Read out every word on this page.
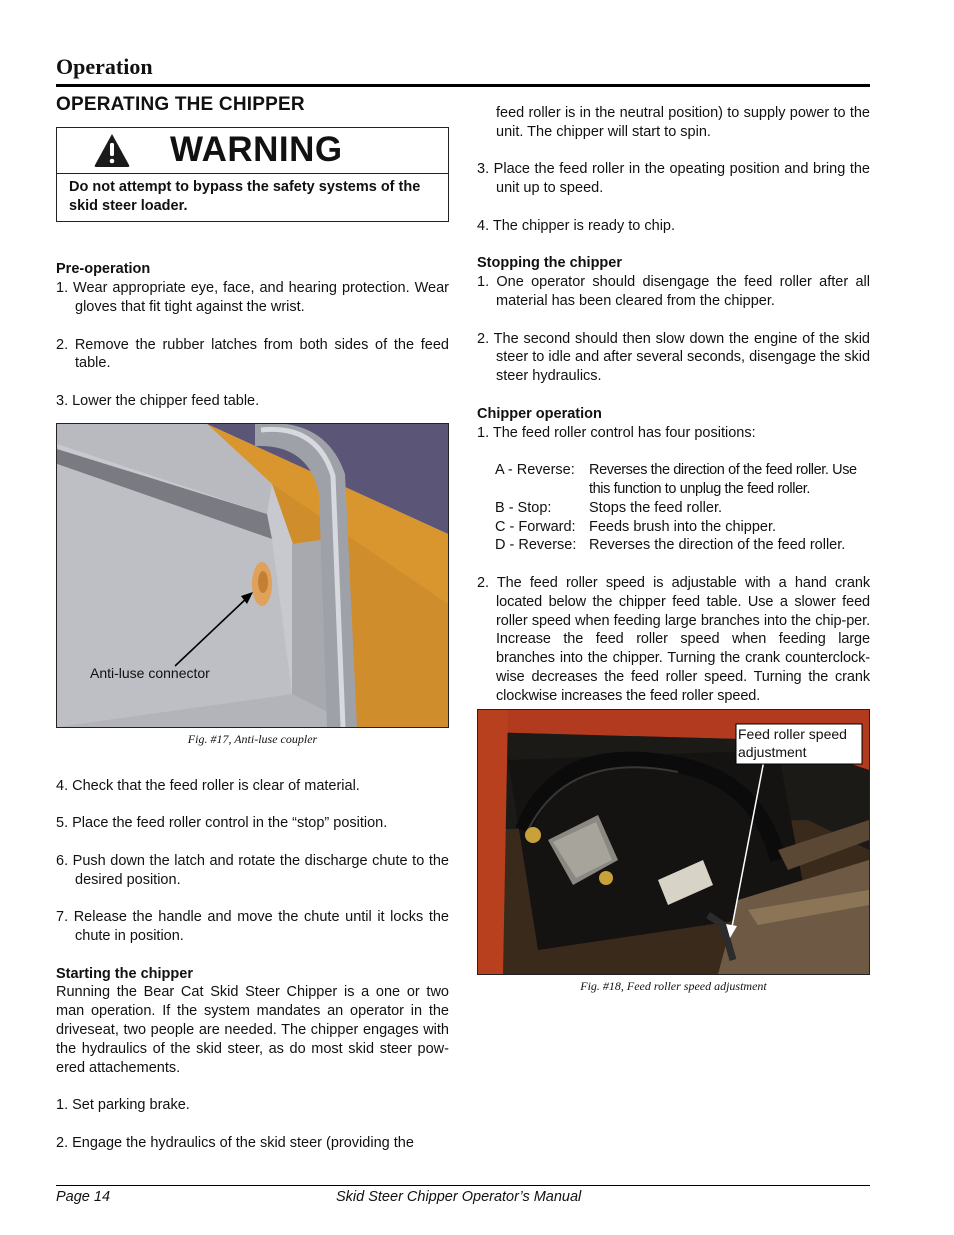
Operation
OPERATING THE CHIPPER
WARNING
Do not attempt to bypass the safety systems of the skid steer loader.

Pre-operation

1. Wear appropriate eye, face, and hearing protection. Wear gloves that fit tight against the wrist.

2. Remove the rubber latches from both sides of the feed table.

3. Lower the chipper feed table.

Anti-luse connector
Fig. #17, Anti-luse coupler

4. Check that the feed roller is clear of material.

5. Place the feed roller control in the “stop” position.

6. Push down the latch and rotate the discharge chute to the desired position.

7. Release the handle and move the chute until it locks the chute in position.

Starting the chipper

Running the Bear Cat Skid Steer Chipper is a one or two man operation. If the system mandates an operator in the driveseat, two people are needed. The chipper engages with the hydraulics of the skid steer, as do most skid steer pow-ered attachements.

1. Set parking brake.

2. Engage the hydraulics of the skid steer (providing the

feed roller is in the neutral position) to supply power to the unit. The chipper will start to spin.

3. Place the feed roller in the opeating position and bring the unit up to speed.

4. The chipper is ready to chip.

Stopping the chipper

1. One operator should disengage the feed roller after all material has been cleared from the chipper.

2. The second should then slow down the engine of the skid steer to idle and after several seconds, disengage the skid steer hydraulics.

Chipper operation

1. The feed roller control has four positions:

A - Reverse:	Reverses the direction of the feed roller. Use this function to unplug the feed roller.
B - Stop:	Stops the feed roller.
C - Forward:	Feeds brush into the chipper.
D - Reverse:	Reverses the direction of the feed roller.

2. The feed roller speed is adjustable with a hand crank located below the chipper feed table. Use a slower feed roller speed when feeding large branches into the chip-per. Increase the feed roller speed when feeding large branches into the chipper. Turning the crank counterclock-wise decreases the feed roller speed. Turning the crank clockwise increases the feed roller speed.

Feed roller speed
adjustment
Fig. #18, Feed roller speed adjustment
Page 14	Skid Steer Chipper Operator’s Manual
